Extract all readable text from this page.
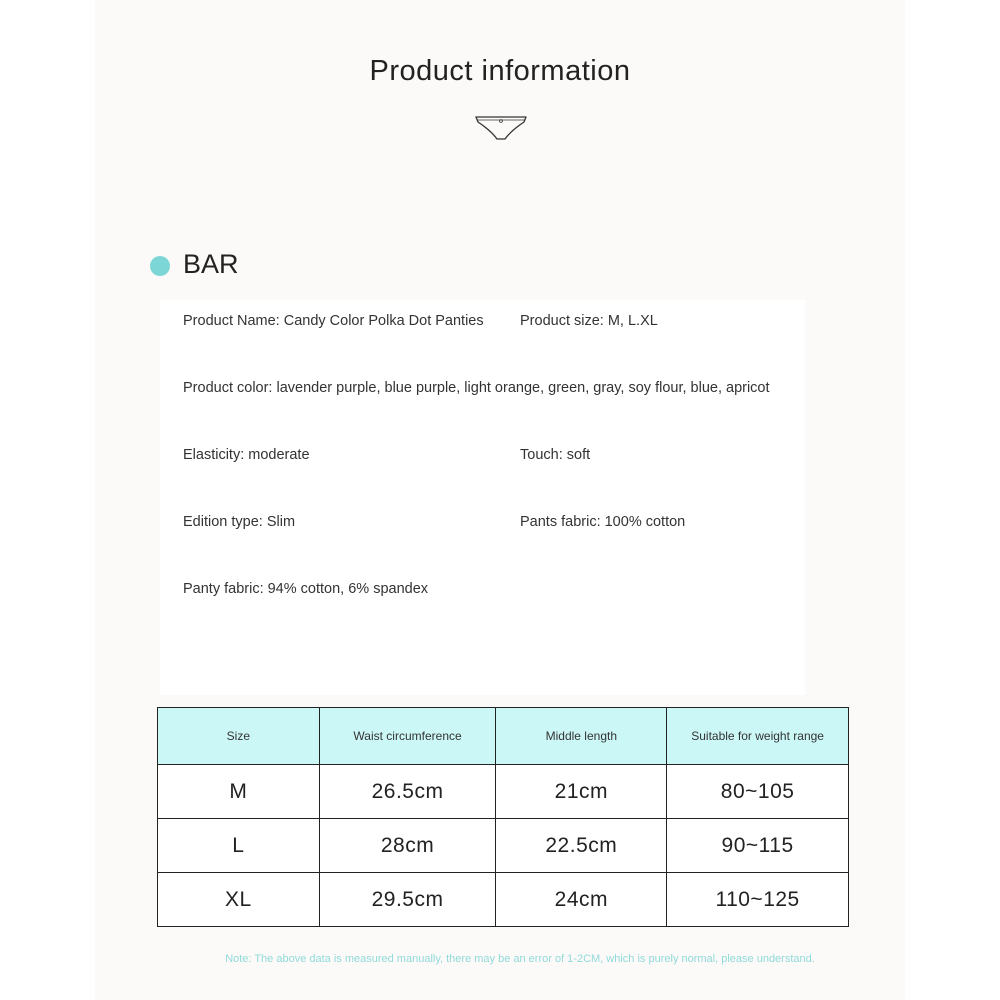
Product information
BAR
Product Name: Candy Color Polka Dot Panties	Product size: M, L.XL
Product color: lavender purple, blue purple, light orange, green, gray, soy flour, blue, apricot
Elasticity: moderate	Touch: soft
Edition type: Slim	Pants fabric: 100% cotton
Panty fabric: 94% cotton, 6% spandex
Size	Waist circumference	Middle length	Suitable for weight range
M	26.5cm	21cm	80~105
L	28cm	22.5cm	90~115
XL	29.5cm	24cm	110~125
Note: The above data is measured manually, there may be an error of 1-2CM, which is purely normal, please understand.
